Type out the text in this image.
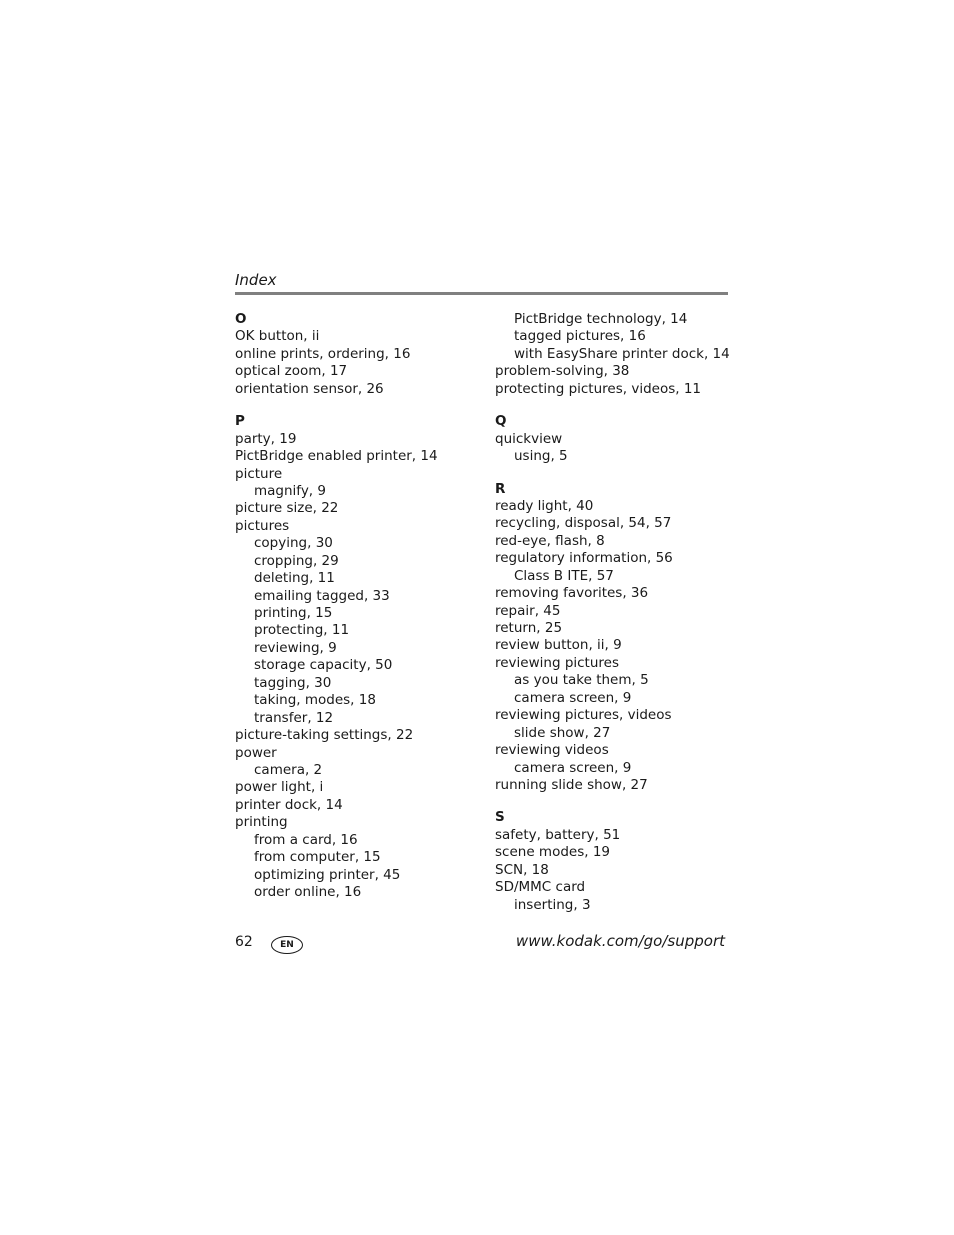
Index
O
OK button, ii
online prints, ordering, 16
optical zoom, 17
orientation sensor, 26
P
party, 19
PictBridge enabled printer, 14
picture
magnify, 9
picture size, 22
pictures
copying, 30
cropping, 29
deleting, 11
emailing tagged, 33
printing, 15
protecting, 11
reviewing, 9
storage capacity, 50
tagging, 30
taking, modes, 18
transfer, 12
picture-taking settings, 22
power
camera, 2
power light, i
printer dock, 14
printing
from a card, 16
from computer, 15
optimizing printer, 45
order online, 16
PictBridge technology, 14
tagged pictures, 16
with EasyShare printer dock, 14
problem-solving, 38
protecting pictures, videos, 11
Q
quickview
using, 5
R
ready light, 40
recycling, disposal, 54, 57
red-eye, flash, 8
regulatory information, 56
Class B ITE, 57
removing favorites, 36
repair, 45
return, 25
review button, ii, 9
reviewing pictures
as you take them, 5
camera screen, 9
reviewing pictures, videos
slide show, 27
reviewing videos
camera screen, 9
running slide show, 27
S
safety, battery, 51
scene modes, 19
SCN, 18
SD/MMC card
inserting, 3
62	EN	www.kodak.com/go/support
